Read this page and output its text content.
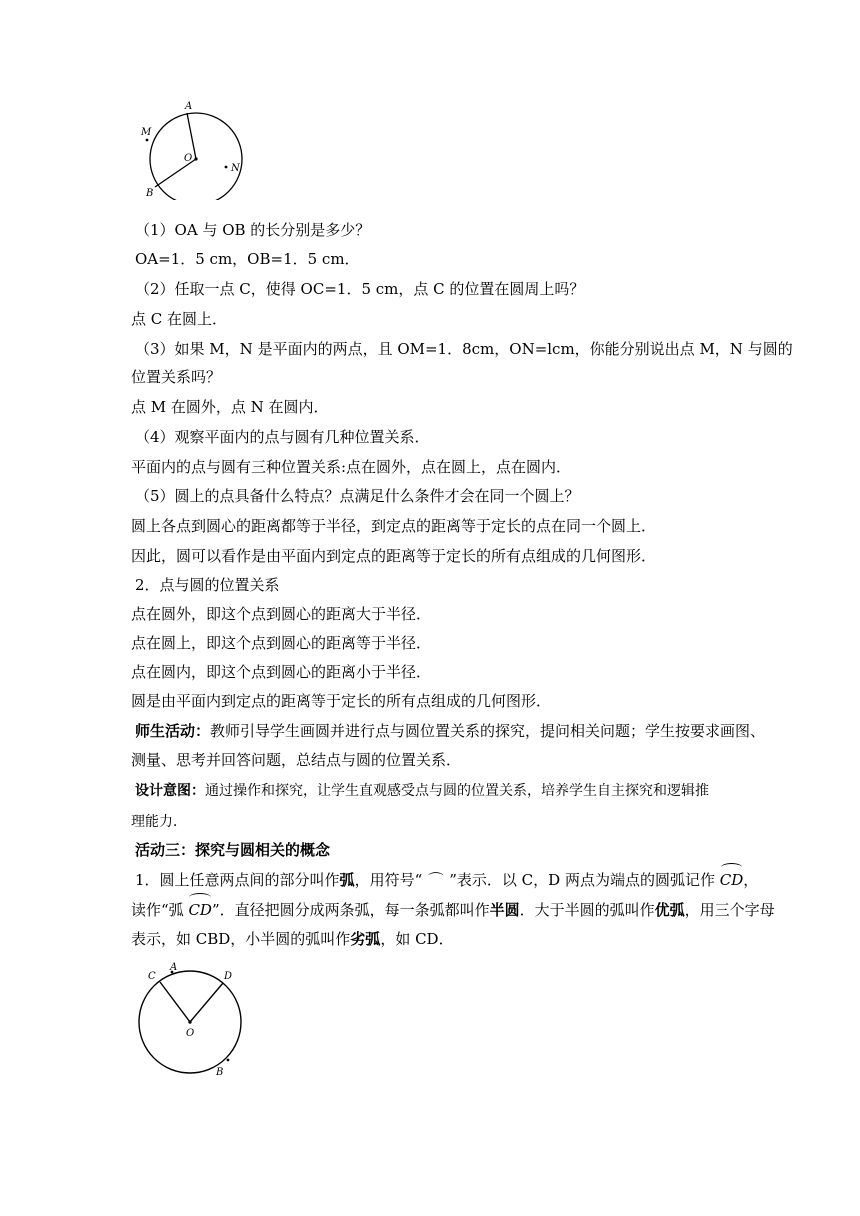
A
M
O
N
B
（1）OA 与 OB 的长分别是多少？
OA=1．5 cm，OB=1．5 cm．
（2）任取一点 C，使得 OC=1．5 cm，点 C 的位置在圆周上吗？
点 C 在圆上．
（3）如果 M，N 是平面内的两点，且 OM=1．8cm，ON=lcm，你能分别说出点 M，N 与圆的
位置关系吗？
点 M 在圆外，点 N 在圆内．
（4）观察平面内的点与圆有几种位置关系．
平面内的点与圆有三种位置关系:点在圆外，点在圆上，点在圆内．
（5）圆上的点具备什么特点？点满足什么条件才会在同一个圆上？
圆上各点到圆心的距离都等于半径，到定点的距离等于定长的点在同一个圆上．
因此，圆可以看作是由平面内到定点的距离等于定长的所有点组成的几何图形．
2．点与圆的位置关系
点在圆外，即这个点到圆心的距离大于半径．
点在圆上，即这个点到圆心的距离等于半径．
点在圆内，即这个点到圆心的距离小于半径．
圆是由平面内到定点的距离等于定长的所有点组成的几何图形．
师生活动：教师引导学生画圆并进行点与圆位置关系的探究，提问相关问题；学生按要求画图、
测量、思考并回答问题，总结点与圆的位置关系．
设计意图：通过操作和探究，让学生直观感受点与圆的位置关系，培养学生自主探究和逻辑推
理能力．
活动三：探究与圆相关的概念
1．圆上任意两点间的部分叫作弧，用符号“ ⌒ ”表示．以 C，D 两点为端点的圆弧记作 CD，
读作“弧 CD”．直径把圆分成两条弧，每一条弧都叫作半圆．大于半圆的弧叫作优弧，用三个字母
表示，如 CBD，小半圆的弧叫作劣弧，如 CD．
C
A
D
O
B
